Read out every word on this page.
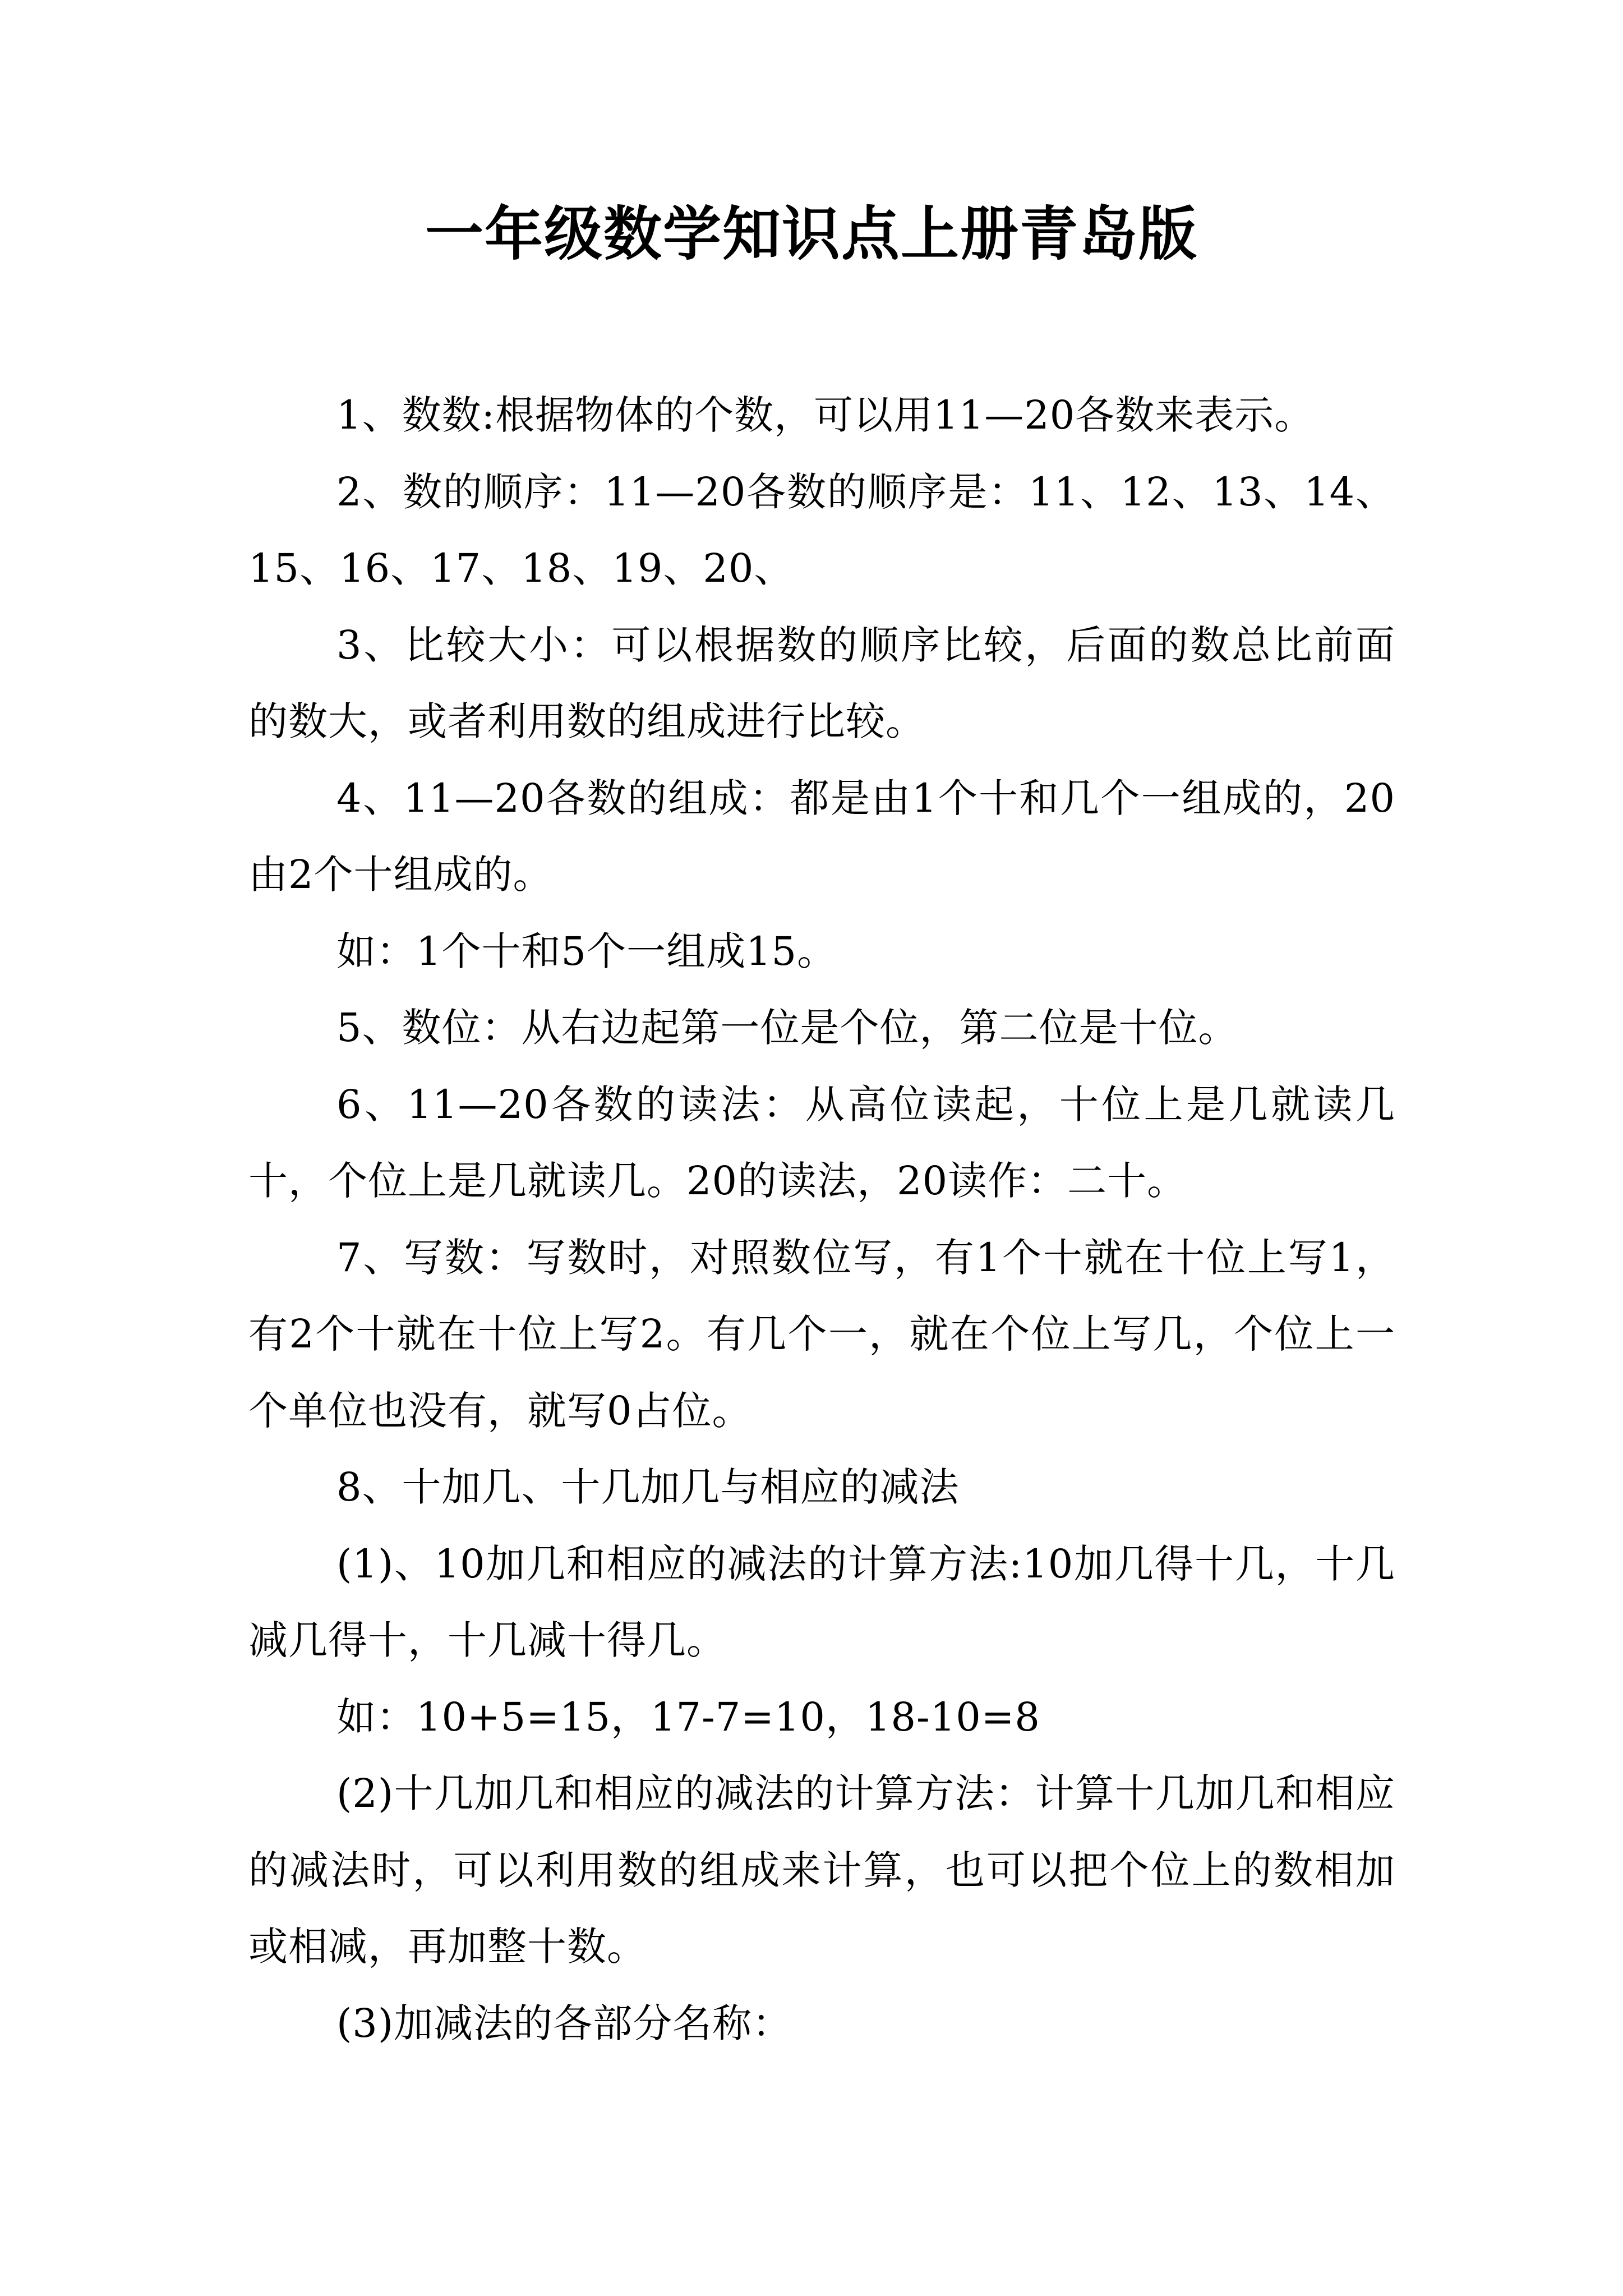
一年级数学知识点上册青岛版

1、数数:根据物体的个数，可以用11—20各数来表示。

2、数的顺序：11—20各数的顺序是：11、12、13、14、15、16、17、18、19、20、

3、比较大小：可以根据数的顺序比较，后面的数总比前面的数大，或者利用数的组成进行比较。

4、11—20各数的组成：都是由1个十和几个一组成的，20由2个十组成的。

如：1个十和5个一组成15。

5、数位：从右边起第一位是个位，第二位是十位。

6、11—20各数的读法：从高位读起，十位上是几就读几十，个位上是几就读几。20的读法，20读作：二十。

7、写数：写数时，对照数位写，有1个十就在十位上写1，有2个十就在十位上写2。有几个一，就在个位上写几，个位上一个单位也没有，就写0占位。

8、十加几、十几加几与相应的减法

(1)、10加几和相应的减法的计算方法:10加几得十几，十几减几得十，十几减十得几。

如：10+5=15，17-7=10，18-10=8

(2)十几加几和相应的减法的计算方法：计算十几加几和相应的减法时，可以利用数的组成来计算，也可以把个位上的数相加或相减，再加整十数。

(3)加减法的各部分名称：
